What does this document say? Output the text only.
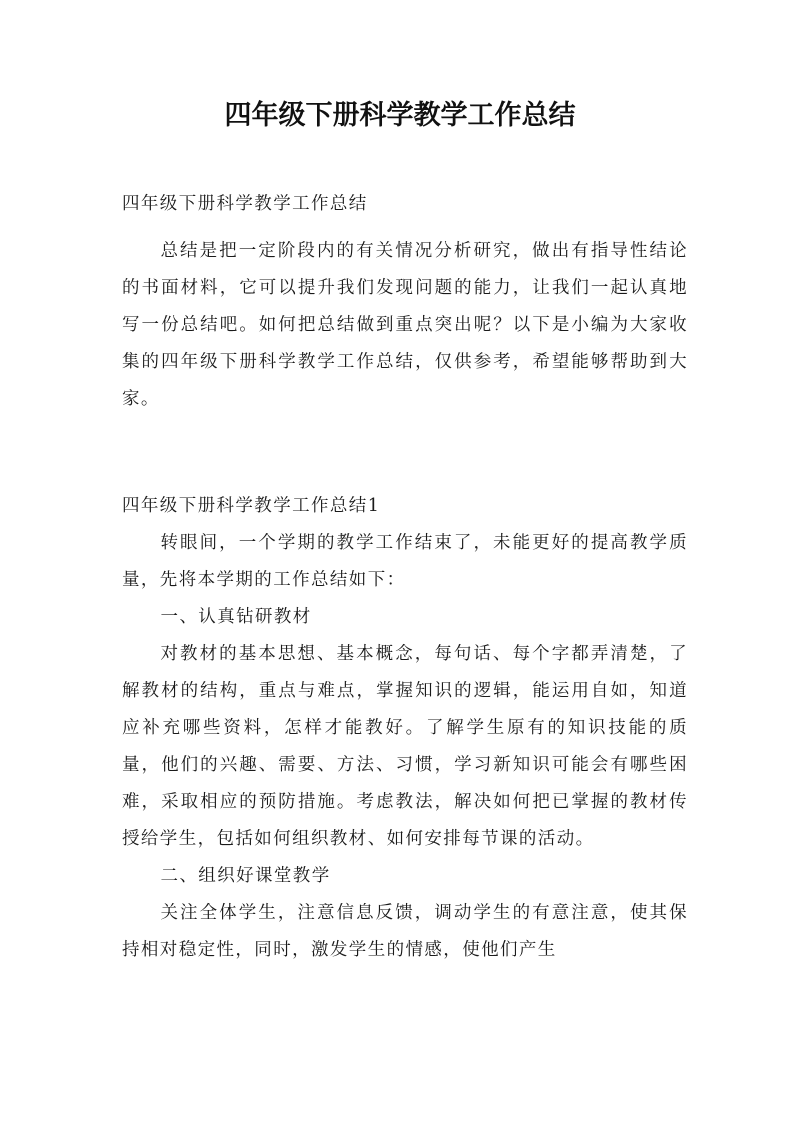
四年级下册科学教学工作总结

四年级下册科学教学工作总结

总结是把一定阶段内的有关情况分析研究，做出有指导性结论的书面材料，它可以提升我们发现问题的能力，让我们一起认真地写一份总结吧。如何把总结做到重点突出呢？以下是小编为大家收集的四年级下册科学教学工作总结，仅供参考，希望能够帮助到大家。

四年级下册科学教学工作总结1

转眼间，一个学期的教学工作结束了，未能更好的提高教学质量，先将本学期的工作总结如下：

一、认真钻研教材

对教材的基本思想、基本概念，每句话、每个字都弄清楚，了解教材的结构，重点与难点，掌握知识的逻辑，能运用自如，知道应补充哪些资料，怎样才能教好。了解学生原有的知识技能的质量，他们的兴趣、需要、方法、习惯，学习新知识可能会有哪些困难，采取相应的预防措施。考虑教法，解决如何把已掌握的教材传授给学生，包括如何组织教材、如何安排每节课的活动。

二、组织好课堂教学

关注全体学生，注意信息反馈，调动学生的有意注意，使其保持相对稳定性，同时，激发学生的情感，使他们产生
